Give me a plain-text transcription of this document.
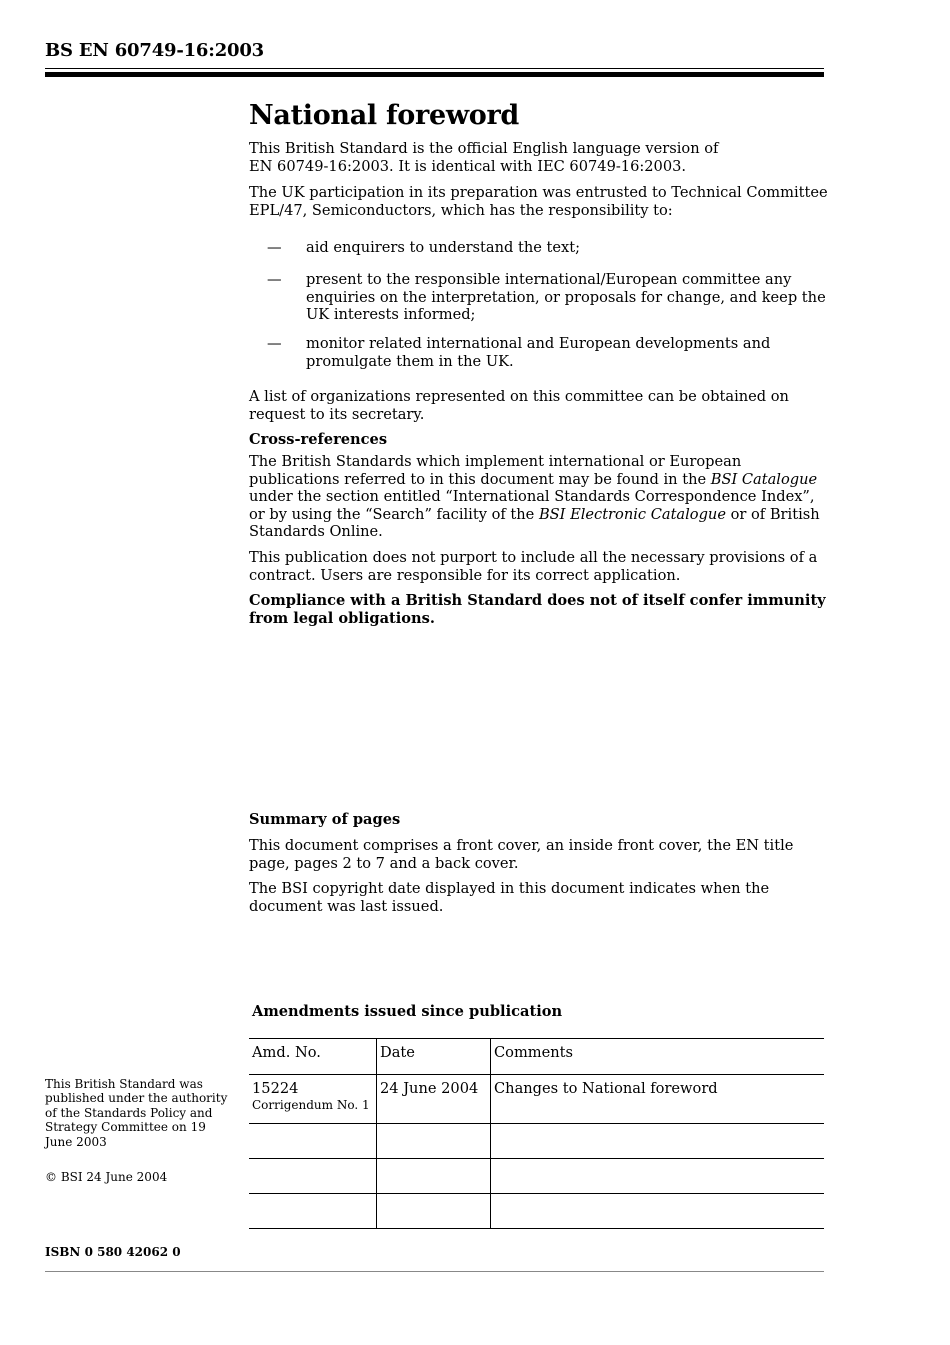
BS EN 60749-16:2003
National foreword

This British Standard is the official English language version of
EN 60749-16:2003. It is identical with IEC 60749-16:2003.

The UK participation in its preparation was entrusted to Technical Committee EPL/47, Semiconductors, which has the responsibility to:

— aid enquirers to understand the text;

— present to the responsible international/European committee any enquiries on the interpretation, or proposals for change, and keep the UK interests informed;

— monitor related international and European developments and promulgate them in the UK.

A list of organizations represented on this committee can be obtained on request to its secretary.

Cross-references

The British Standards which implement international or European publications referred to in this document may be found in the BSI Catalogue under the section entitled “International Standards Correspondence Index”, or by using the “Search” facility of the BSI Electronic Catalogue or of British Standards Online.

This publication does not purport to include all the necessary provisions of a contract. Users are responsible for its correct application.

Compliance with a British Standard does not of itself confer immunity from legal obligations.

Summary of pages

This document comprises a front cover, an inside front cover, the EN title page, pages 2 to 7 and a back cover.

The BSI copyright date displayed in this document indicates when the document was last issued.

Amendments issued since publication

Amd. No.	Date	Comments

15224
Corrigendum No. 1	24 June 2004	Changes to National foreword

This British Standard was published under the authority of the Standards Policy and Strategy Committee on 19 June 2003

© BSI 24 June 2004

ISBN 0 580 42062 0
